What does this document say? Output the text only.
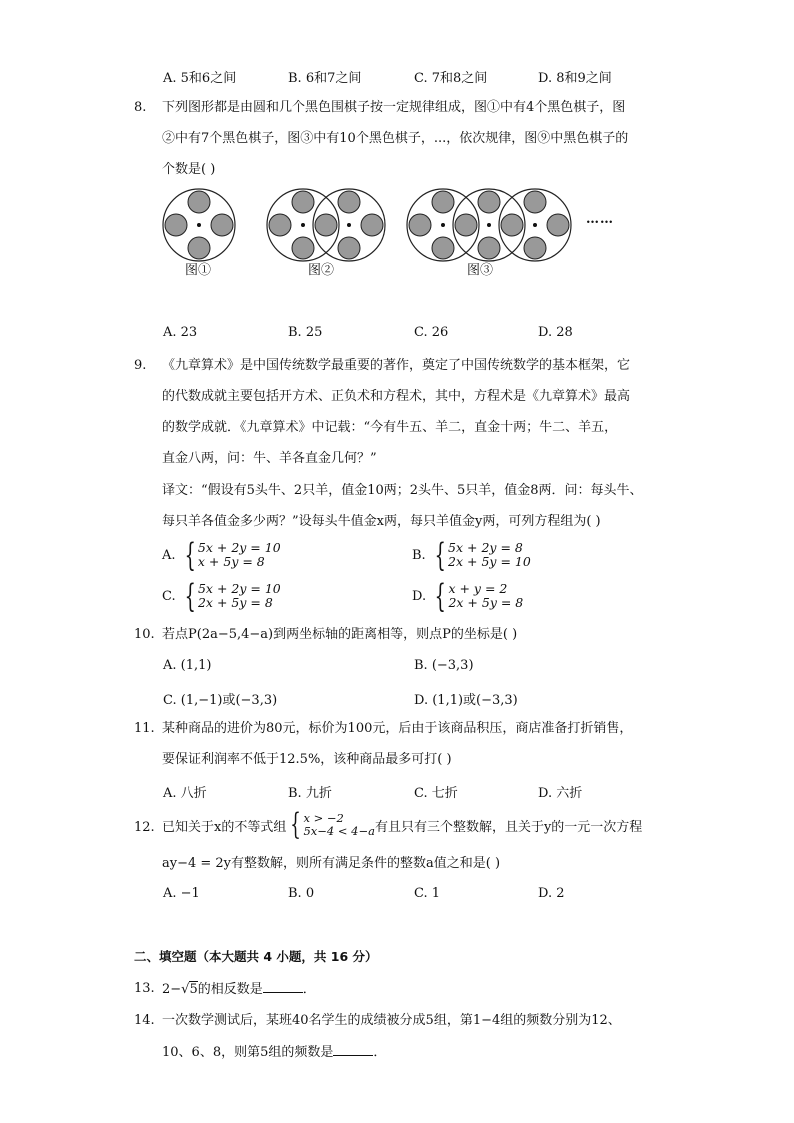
A. 5和6之间	B. 6和7之间	C. 7和8之间	D. 8和9之间
8. 下列图形都是由圆和几个黑色围棋子按一定规律组成，图①中有4个黑色棋子，图
②中有7个黑色棋子，图③中有10个黑色棋子，...，依次规律，图⑨中黑色棋子的
个数是( )
图①	图②	图③
……
A. 23	B. 25	C. 26	D. 28
9. 《九章算术》是中国传统数学最重要的著作，奠定了中国传统数学的基本框架，它
的代数成就主要包括开方术、正负术和方程术，其中，方程术是《九章算术》最高
的数学成就．《九章算术》中记载：“今有牛五、羊二，直金十两；牛二、羊五，
直金八两，问：牛、羊各直金几何？”
译文：“假设有5头牛、2只羊，值金10两；2头牛、5只羊，值金8两．问：每头牛、
每只羊各值金多少两？”设每头牛值金x两，每只羊值金y两，可列方程组为( )
A. { 5x + 2y = 10
x + 5y = 8	B. { 5x + 2y = 8
2x + 5y = 10
C. { 5x + 2y = 10
2x + 5y = 8	D. { x + y = 2
2x + 5y = 8
10. 若点P(2a−5,4−a)到两坐标轴的距离相等，则点P的坐标是( )
A. (1,1)	B. (−3,3)
C. (1,−1)或(−3,3)	D. (1,1)或(−3,3)
11. 某种商品的进价为80元，标价为100元，后由于该商品积压，商店准备打折销售，
要保证利润率不低于12.5%，该种商品最多可打( )
A. 八折	B. 九折	C. 七折	D. 六折
12. 已知关于x的不等式组 { x > −2
5x−4 < 4−a 有且只有三个整数解，且关于y的一元一次方程
ay−4 = 2y有整数解，则所有满足条件的整数a值之和是( )
A. −1	B. 0	C. 1	D. 2
二、填空题（本大题共 4 小题，共 16 分）
13. 2−√5的相反数是	．
14. 一次数学测试后，某班40名学生的成绩被分成5组，第1−4组的频数分别为12、
10、6、8，则第5组的频数是	．
